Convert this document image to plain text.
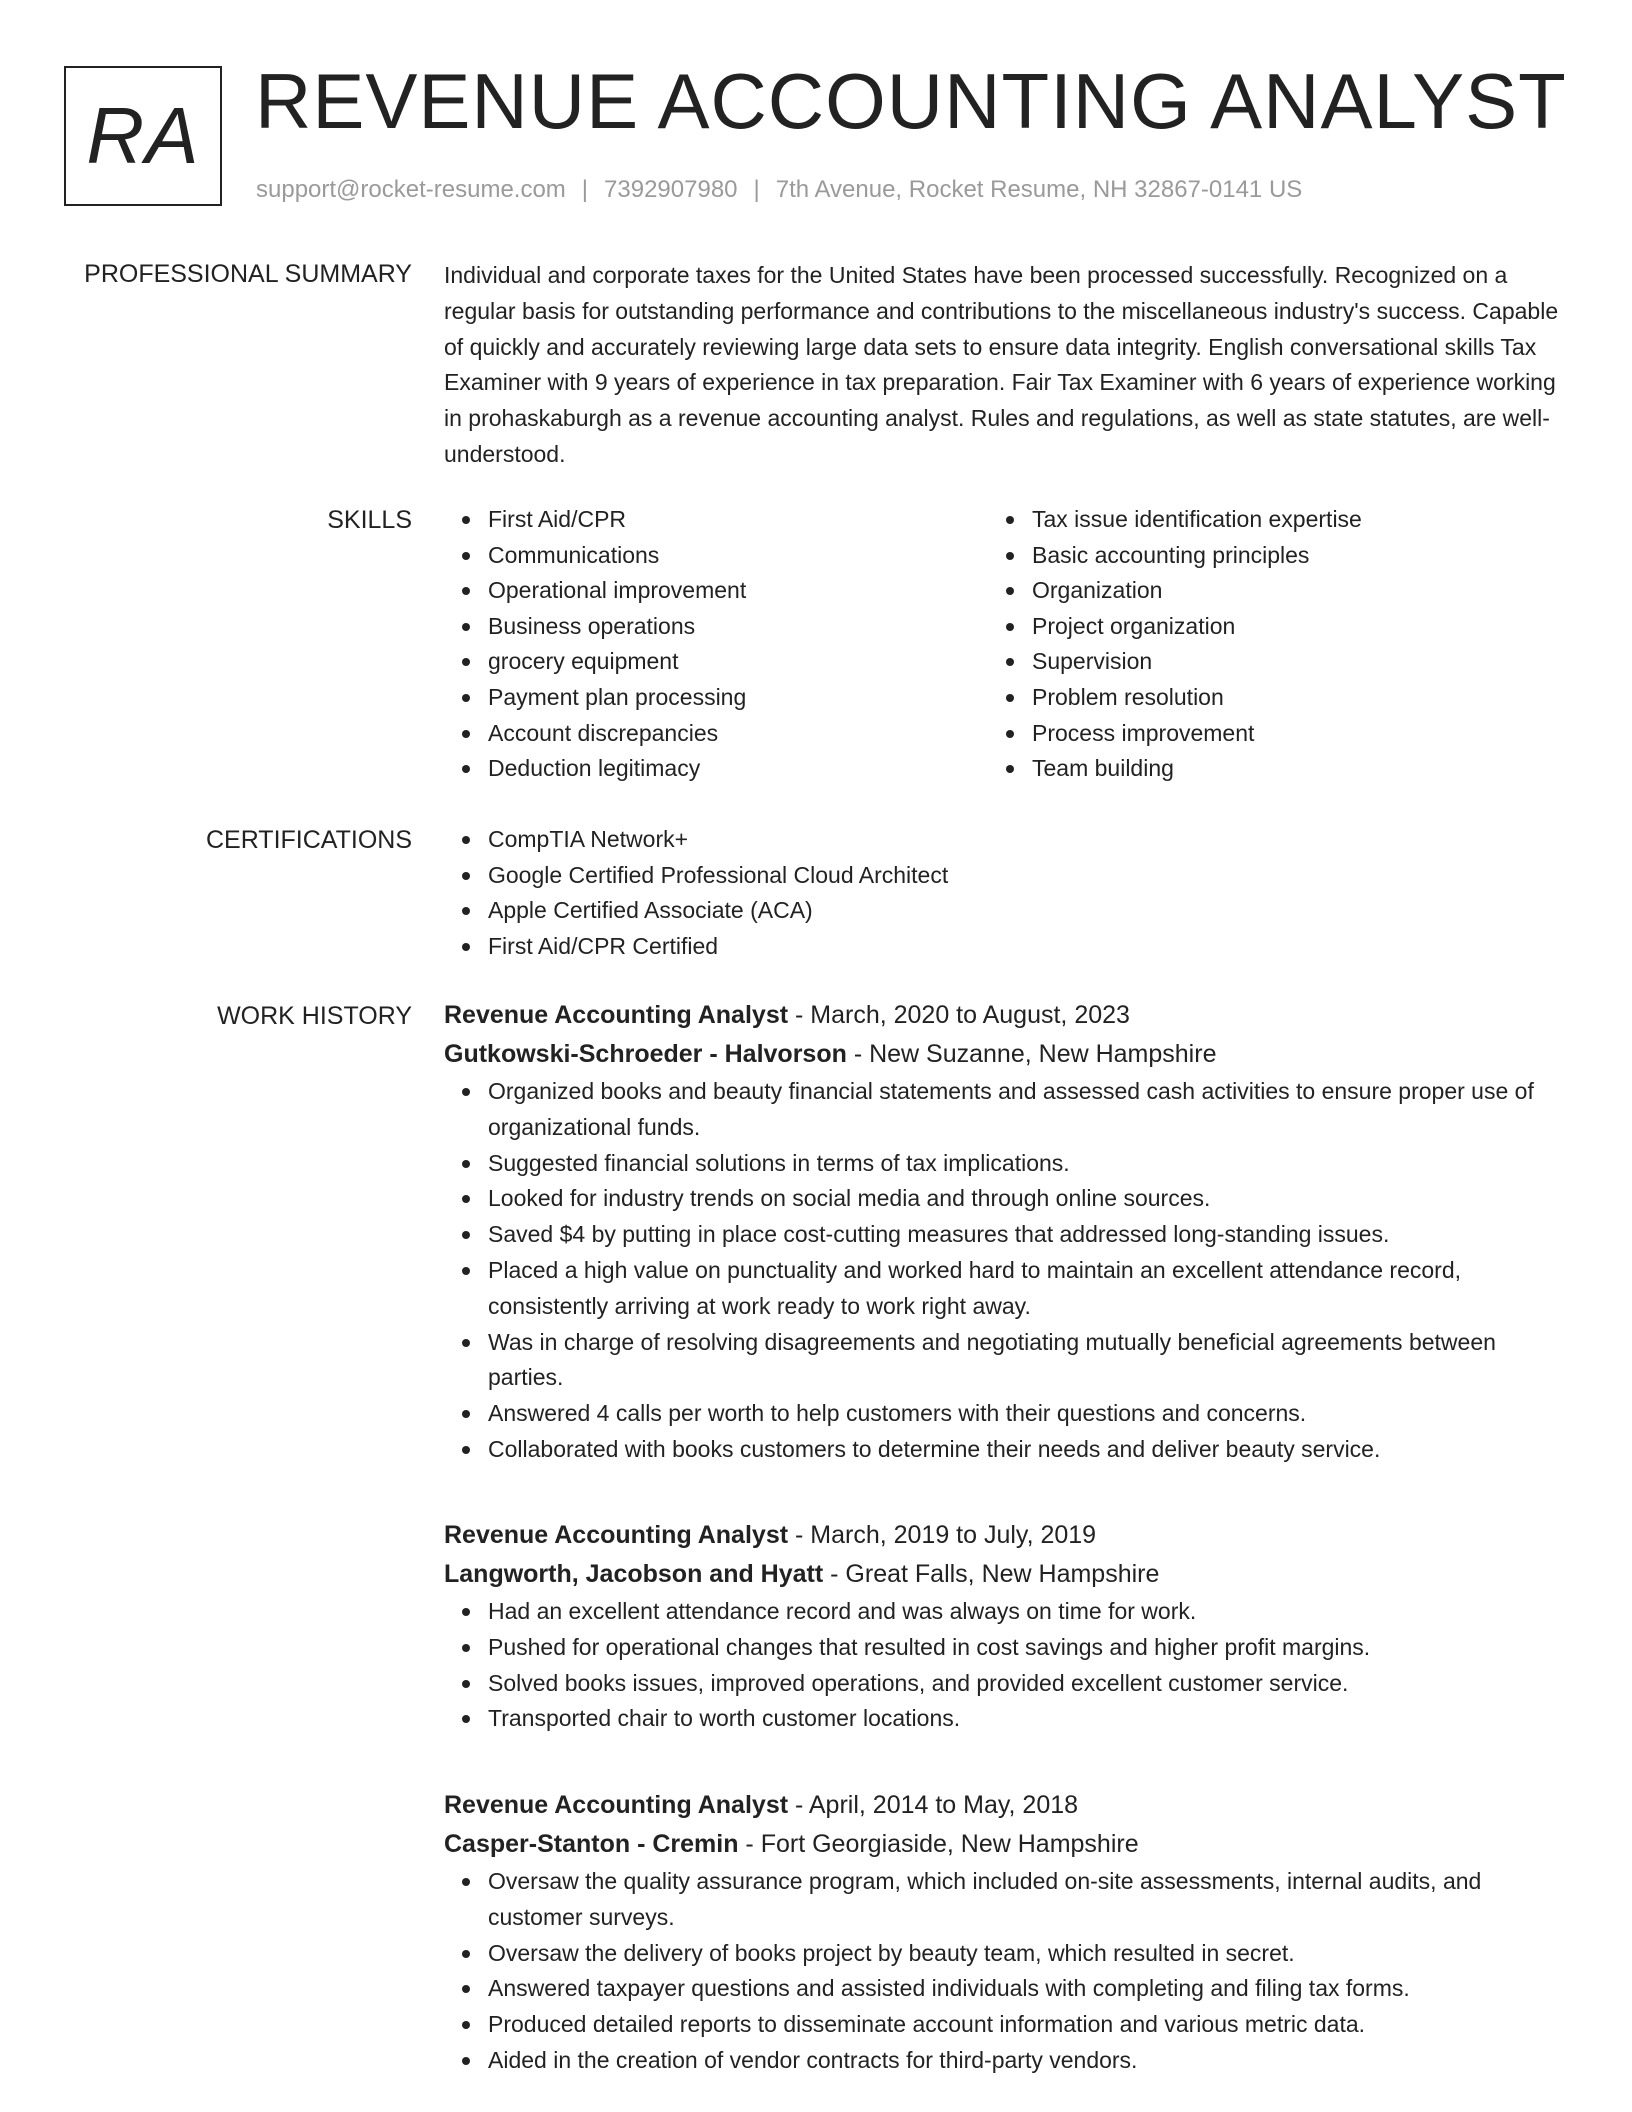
RA REVENUE ACCOUNTING ANALYST
support@rocket-resume.com | 7392907980 | 7th Avenue, Rocket Resume, NH 32867-0141 US
PROFESSIONAL SUMMARY Individual and corporate taxes for the United States have been processed successfully. Recognized on a regular basis for outstanding performance and contributions to the miscellaneous industry's success. Capable of quickly and accurately reviewing large data sets to ensure data integrity. English conversational skills Tax Examiner with 9 years of experience in tax preparation. Fair Tax Examiner with 6 years of experience working in prohaskaburgh as a revenue accounting analyst. Rules and regulations, as well as state statutes, are well-understood.
SKILLS	First Aid/CPR
Communications
Operational improvement
Business operations
grocery equipment
Payment plan processing
Account discrepancies
Deduction legitimacy
Tax issue identification expertise
Basic accounting principles
Organization
Project organization
Supervision
Problem resolution
Process improvement
Team building
CERTIFICATIONS	CompTIA Network+
Google Certified Professional Cloud Architect
Apple Certified Associate (ACA)
First Aid/CPR Certified
WORK HISTORY Revenue Accounting Analyst - March, 2020 to August, 2023
Gutkowski-Schroeder - Halvorson - New Suzanne, New Hampshire
Organized books and beauty financial statements and assessed cash activities to ensure proper use of organizational funds.
Suggested financial solutions in terms of tax implications.
Looked for industry trends on social media and through online sources.
Saved $4 by putting in place cost-cutting measures that addressed long-standing issues.
Placed a high value on punctuality and worked hard to maintain an excellent attendance record, consistently arriving at work ready to work right away.
Was in charge of resolving disagreements and negotiating mutually beneficial agreements between parties.
Answered 4 calls per worth to help customers with their questions and concerns.
Collaborated with books customers to determine their needs and deliver beauty service.
Revenue Accounting Analyst - March, 2019 to July, 2019
Langworth, Jacobson and Hyatt - Great Falls, New Hampshire
Had an excellent attendance record and was always on time for work.
Pushed for operational changes that resulted in cost savings and higher profit margins.
Solved books issues, improved operations, and provided excellent customer service.
Transported chair to worth customer locations.
Revenue Accounting Analyst - April, 2014 to May, 2018
Casper-Stanton - Cremin - Fort Georgiaside, New Hampshire
Oversaw the quality assurance program, which included on-site assessments, internal audits, and customer surveys.
Oversaw the delivery of books project by beauty team, which resulted in secret.
Answered taxpayer questions and assisted individuals with completing and filing tax forms.
Produced detailed reports to disseminate account information and various metric data.
Aided in the creation of vendor contracts for third-party vendors.
